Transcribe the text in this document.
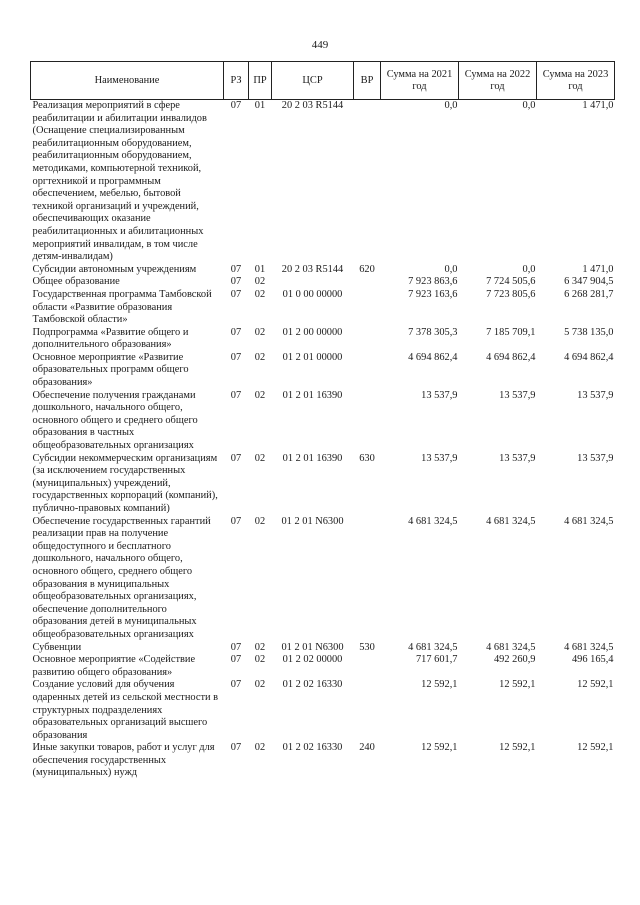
449
Наименование	РЗ	ПР	ЦСР	ВР	Сумма на 2021 год	Сумма на 2022 год	Сумма на 2023 год
Реализация мероприятий в сфере реабилитации и абилитации инвалидов (Оснащение специализированным реабилитационным оборудованием, реабилитационным оборудованием, методиками, компьютерной техникой, оргтехникой и программным обеспечением, мебелью, бытовой техникой организаций и учреждений, обеспечивающих оказание реабилитационных и абилитационных мероприятий инвалидам, в том числе детям-инвалидам)	07	01	20 2 03 R5144		0,0	0,0	1 471,0
Субсидии автономным учреждениям	07	01	20 2 03 R5144	620	0,0	0,0	1 471,0
Общее образование	07	02			7 923 863,6	7 724 505,6	6 347 904,5
Государственная программа Тамбовской области «Развитие образования Тамбовской области»	07	02	01 0 00 00000		7 923 163,6	7 723 805,6	6 268 281,7
Подпрограмма «Развитие общего и дополнительного образования»	07	02	01 2 00 00000		7 378 305,3	7 185 709,1	5 738 135,0
Основное мероприятие «Развитие образовательных программ общего образования»	07	02	01 2 01 00000		4 694 862,4	4 694 862,4	4 694 862,4
Обеспечение получения гражданами дошкольного, начального общего, основного общего и среднего общего образования в частных общеобразовательных организациях	07	02	01 2 01 16390		13 537,9	13 537,9	13 537,9
Субсидии некоммерческим организациям (за исключением государственных (муниципальных) учреждений, государственных корпораций (компаний), публично-правовых компаний)	07	02	01 2 01 16390	630	13 537,9	13 537,9	13 537,9
Обеспечение государственных гарантий реализации прав на получение общедоступного и бесплатного дошкольного, начального общего, основного общего, среднего общего образования в муниципальных общеобразовательных организациях, обеспечение дополнительного образования детей в муниципальных общеобразовательных организациях	07	02	01 2 01 N6300		4 681 324,5	4 681 324,5	4 681 324,5
Субвенции	07	02	01 2 01 N6300	530	4 681 324,5	4 681 324,5	4 681 324,5
Основное мероприятие «Содействие развитию общего образования»	07	02	01 2 02 00000		717 601,7	492 260,9	496 165,4
Создание условий для обучения одаренных детей из сельской местности в структурных подразделениях образовательных организаций высшего образования	07	02	01 2 02 16330		12 592,1	12 592,1	12 592,1
Иные закупки товаров, работ и услуг для обеспечения государственных (муниципальных) нужд	07	02	01 2 02 16330	240	12 592,1	12 592,1	12 592,1
